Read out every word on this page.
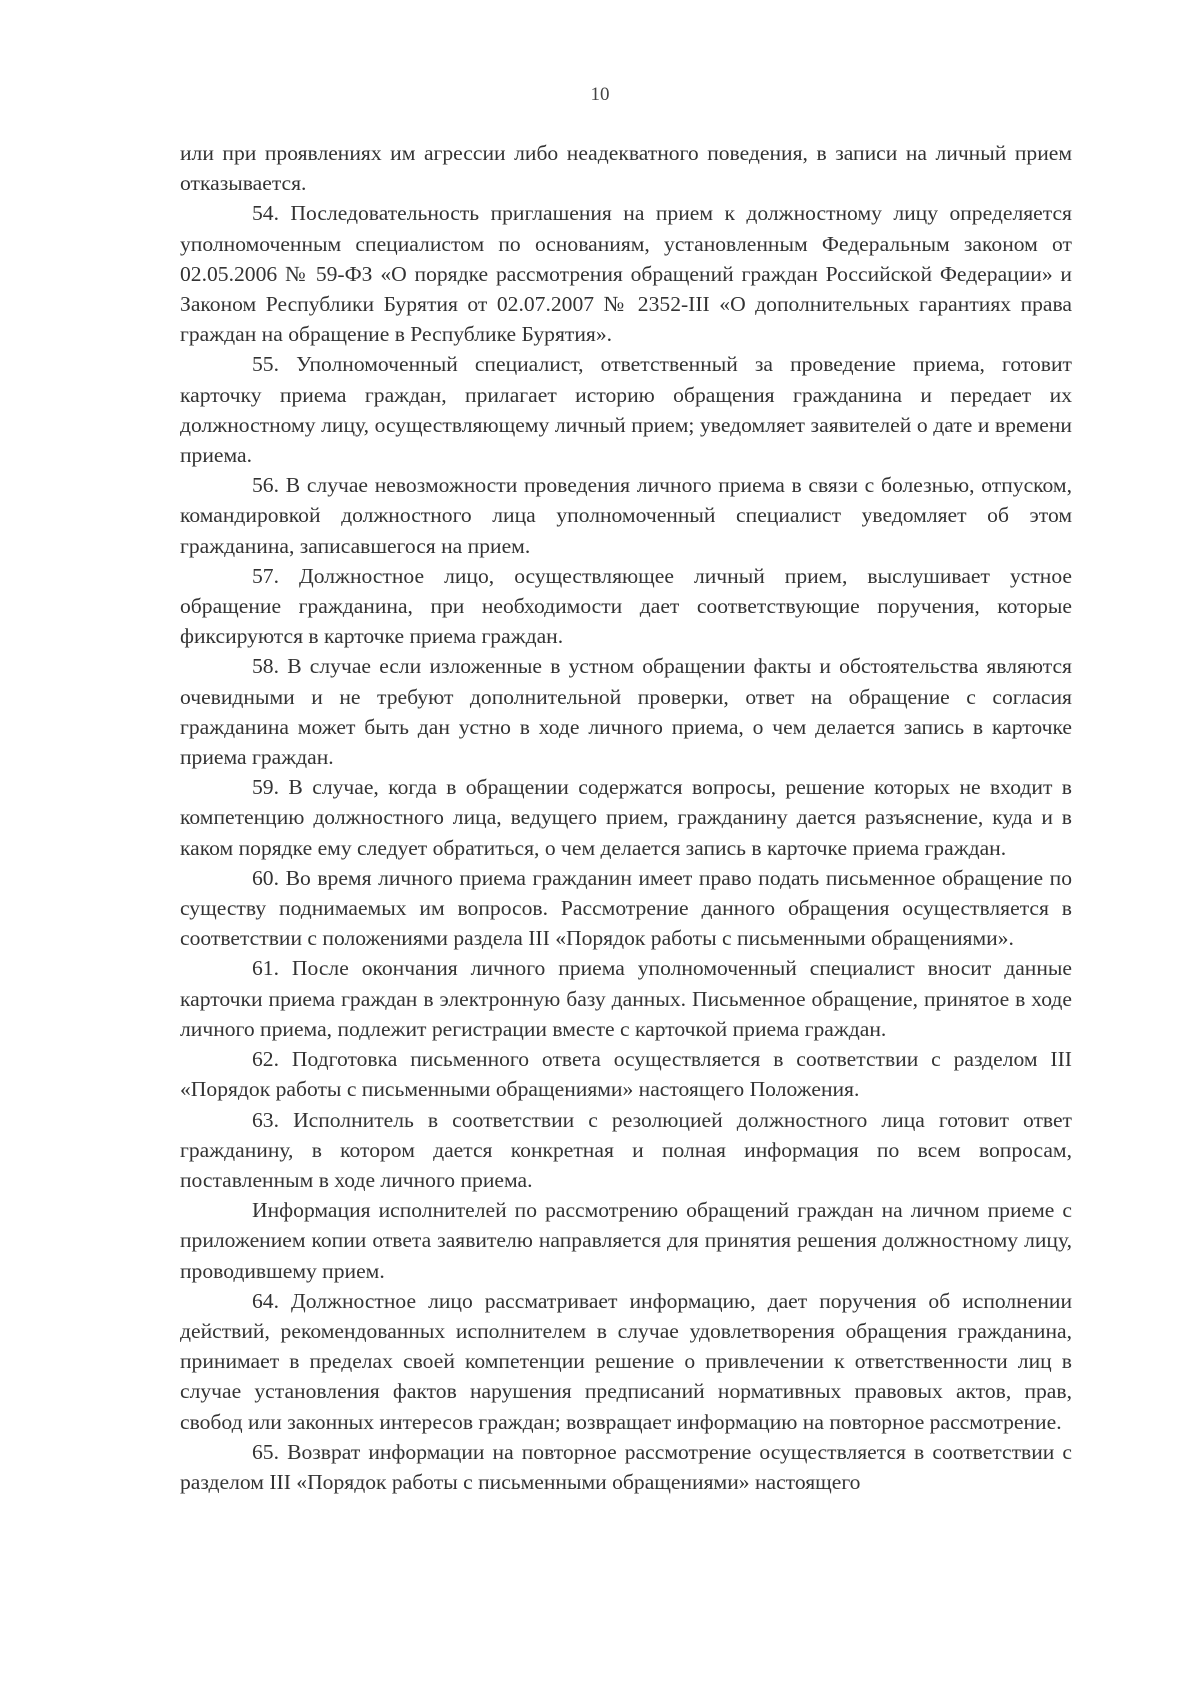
10

или при проявлениях им агрессии либо неадекватного поведения, в записи на личный прием отказывается.

54. Последовательность приглашения на прием к должностному лицу определяется уполномоченным специалистом по основаниям, установленным Федеральным законом от 02.05.2006 № 59-ФЗ «О порядке рассмотрения обращений граждан Российской Федерации» и Законом Республики Бурятия от 02.07.2007 № 2352-III «О дополнительных гарантиях права граждан на обращение в Республике Бурятия».

55. Уполномоченный специалист, ответственный за проведение приема, готовит карточку приема граждан, прилагает историю обращения гражданина и передает их должностному лицу, осуществляющему личный прием; уведомляет заявителей о дате и времени приема.

56. В случае невозможности проведения личного приема в связи с болезнью, отпуском, командировкой должностного лица уполномоченный специалист уведомляет об этом гражданина, записавшегося на прием.

57. Должностное лицо, осуществляющее личный прием, выслушивает устное обращение гражданина, при необходимости дает соответствующие поручения, которые фиксируются в карточке приема граждан.

58. В случае если изложенные в устном обращении факты и обстоятельства являются очевидными и не требуют дополнительной проверки, ответ на обращение с согласия гражданина может быть дан устно в ходе личного приема, о чем делается запись в карточке приема граждан.

59. В случае, когда в обращении содержатся вопросы, решение которых не входит в компетенцию должностного лица, ведущего прием, гражданину дается разъяснение, куда и в каком порядке ему следует обратиться, о чем делается запись в карточке приема граждан.

60. Во время личного приема гражданин имеет право подать письменное обращение по существу поднимаемых им вопросов. Рассмотрение данного обращения осуществляется в соответствии с положениями раздела III «Порядок работы с письменными обращениями».

61. После окончания личного приема уполномоченный специалист вносит данные карточки приема граждан в электронную базу данных. Письменное обращение, принятое в ходе личного приема, подлежит регистрации вместе с карточкой приема граждан.

62. Подготовка письменного ответа осуществляется в соответствии с разделом III «Порядок работы с письменными обращениями» настоящего Положения.

63. Исполнитель в соответствии с резолюцией должностного лица готовит ответ гражданину, в котором дается конкретная и полная информация по всем вопросам, поставленным в ходе личного приема.

Информация исполнителей по рассмотрению обращений граждан на личном приеме с приложением копии ответа заявителю направляется для принятия решения должностному лицу, проводившему прием.

64. Должностное лицо рассматривает информацию, дает поручения об исполнении действий, рекомендованных исполнителем в случае удовлетворения обращения гражданина, принимает в пределах своей компетенции решение о привлечении к ответственности лиц в случае установления фактов нарушения предписаний нормативных правовых актов, прав, свобод или законных интересов граждан; возвращает информацию на повторное рассмотрение.

65. Возврат информации на повторное рассмотрение осуществляется в соответствии с разделом III «Порядок работы с письменными обращениями» настоящего
